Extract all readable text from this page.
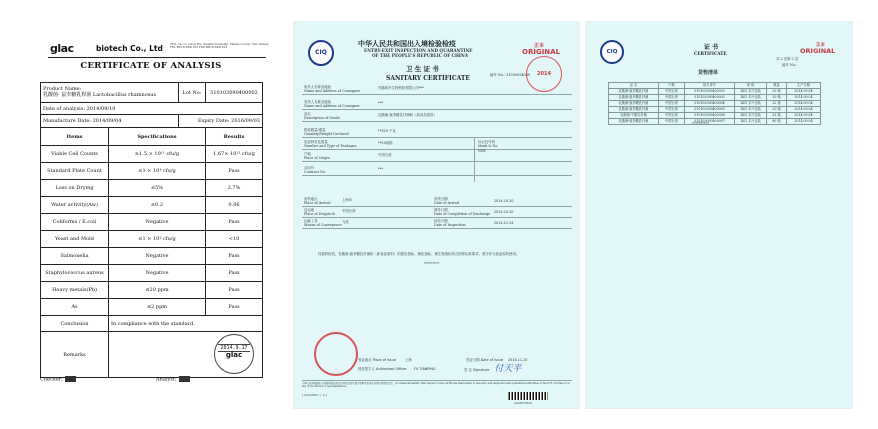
glac	biotech Co., Ltd	3F-6, No.17, Guoji Rd., Sinshih Township, Tainan County 744, Taiwan TEL 886-6-5891976 FAX 886-6-5891813
CERTIFICATE OF ANALYSIS
Product Name:
乳酸菌- 鼠李糖乳桿菌 Lactobacillus rhamnosus		Lot No:	510103090400002
Date of analysis: 2014/09/10			
Manufacture Date: 2014/09/04		Expiry Date: 2016/09/03	
Items	Specifications		Results
Viable Cell Counts	≥1.5 × 10¹¹ cfu/g		1.67× 10¹¹ cfu/g
Standard Plate Count	≤1 × 10⁴ cfu/g		Pass
Loss on Drying	≤5%		2.7%
Water activity(Aw)	≤0.2		0.06
Coliforms / E.coli	Negative		Pass
Yeast and Mold	≤1 × 10² cfu/g		<10
Salmonella	Negative		Pass
Staphylococcus aureus	Negative		Pass
Heavy metals(Pb)	≤20 ppm		Pass
As	≤2 ppm		Pass
Conclusion	In compliance with the standard.		
Remarks	2014.9.17
glac		
Checker:	Analyst:
CIQ
中华人民共和国出入境检验检疫
ENTRY-EXIT INSPECTION AND QUARANTINE
OF THE PEOPLE'S REPUBLIC OF CHINA
正本
ORIGINAL
2014
卫 生 证 书
SANITARY CERTIFICATE	编号 No.: 31050014098
收货人名称及地址
Name and Address of Consignee
安徽明升生物科技有限公司***
发货人名称及地址
Name and Address of Consignor
***
品名
Description of Goods
乳酸菌-鼠李糖乳杆菌粉（新食品原料）
报检数量/重量
Quantity/Weight Declared
**320 千克
包装种类及数量
Number and Type of Packages
**23纸箱
产地
Place of Origin
中国台湾
合同号
Contract No.
***
标记及号码
Mark & No.
N/M
到货地点
Place of Arrival
上海市	到货日期
Date of Arrival	2014.10.20
启运地
Place of Despatch
中国台湾	卸毕日期
Date of Completion of Discharge 2014.10.20
运输工具
Means of Conveyance
飞机	检验日期
Date of Inspection	2014.11.24
经抽样检验，乳酸菌-鼠李糖乳杆菌粉（新食品原料）的感官指标、理化指标、微生物指标符合国家标准要求，准予作为食品原料使用。
*********
签证地点 Place of Issue	上海	签证日期 Date of Issue 2014.11.25
授权签字人 Authorized Officer FU TIANPING	签 名 Signature 付天平
中华人民共和国出入境检验检疫机关及其官员或代表不承担签发本证书的任何财经责任。No financial liability with respect to this certificate shall attach to the entry-exit inspection and quarantine authorities of the P. R. of China or to any of its officers or representatives.
[ C9-2(2000. 1. 1) ]
AA00575622
CIQ
证 书
CERTIFICATE
正本
ORIGINAL
共 2 页第 2 页
编号 No.:
货物清单
品 名	产地	报关单号	规 格	数量	生产日期
乳酸菌-鼠李糖乳杆菌	中国台湾	510103090400002	1KG 多片包装	20 箱	2014.09.04
乳酸菌-鼠李糖乳杆菌	中国台湾	510103090400003	1KG 多片包装	20 箱	2014.09.04
乳酸菌-鼠李糖乳杆菌	中国台湾	510103090400004	1KG 多片包装	32 箱	2014.09.04
乳酸菌-鼠李糖乳杆菌	中国台湾	510103090400005	1KG 多片包装	20 箱	2014.09.04
乳酸菌-干酪乳杆菌	中国台湾	510103090400006	1KG 多片包装	32 箱	2014.09.04
乳酸菌-鼠李糖乳杆菌	中国台湾	510103090400007	1KG 多片包装	80 箱	2014.09.04
**********
